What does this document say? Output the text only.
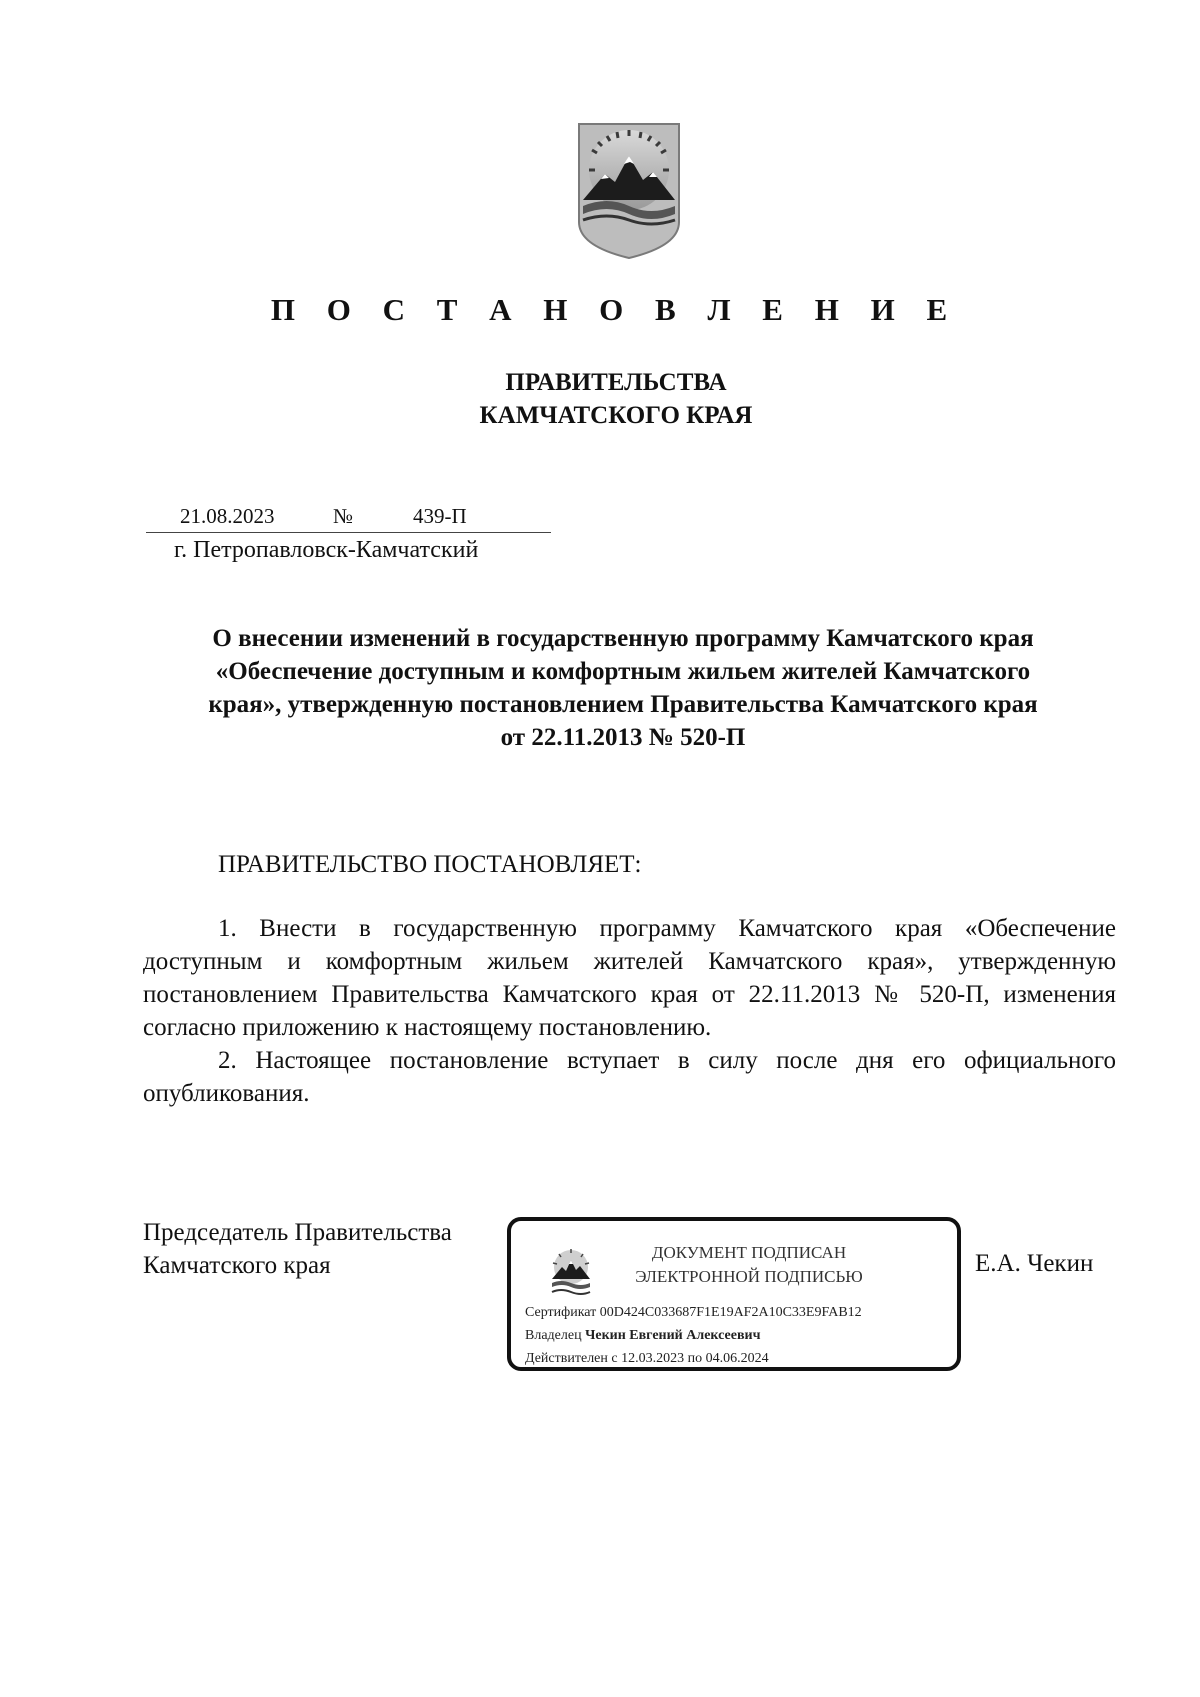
П О С Т А Н О В Л Е Н И Е
ПРАВИТЕЛЬСТВА
КАМЧАТСКОГО КРАЯ
21.08.2023	№	439-П
г. Петропавловск-Камчатский
О внесении изменений в государственную программу Камчатского края
«Обеспечение доступным и комфортным жильем жителей Камчатского
края», утвержденную постановлением Правительства Камчатского края
от 22.11.2013 № 520-П
ПРАВИТЕЛЬСТВО ПОСТАНОВЛЯЕТ:

1. Внести в государственную программу Камчатского края «Обеспечение доступным и комфортным жильем жителей Камчатского края», утвержденную постановлением Правительства Камчатского края от 22.11.2013 № 520-П, изменения согласно приложению к настоящему постановлению.

2. Настоящее постановление вступает в силу после дня его официального опубликования.

Председатель Правительства
Камчатского края	ДОКУМЕНТ ПОДПИСАН
ЭЛЕКТРОННОЙ ПОДПИСЬЮ
Сертификат 00D424C033687F1E19AF2A10C33E9FAB12
Владелец Чекин Евгений Алексеевич
Действителен с 12.03.2023 по 04.06.2024
Е.А. Чекин
